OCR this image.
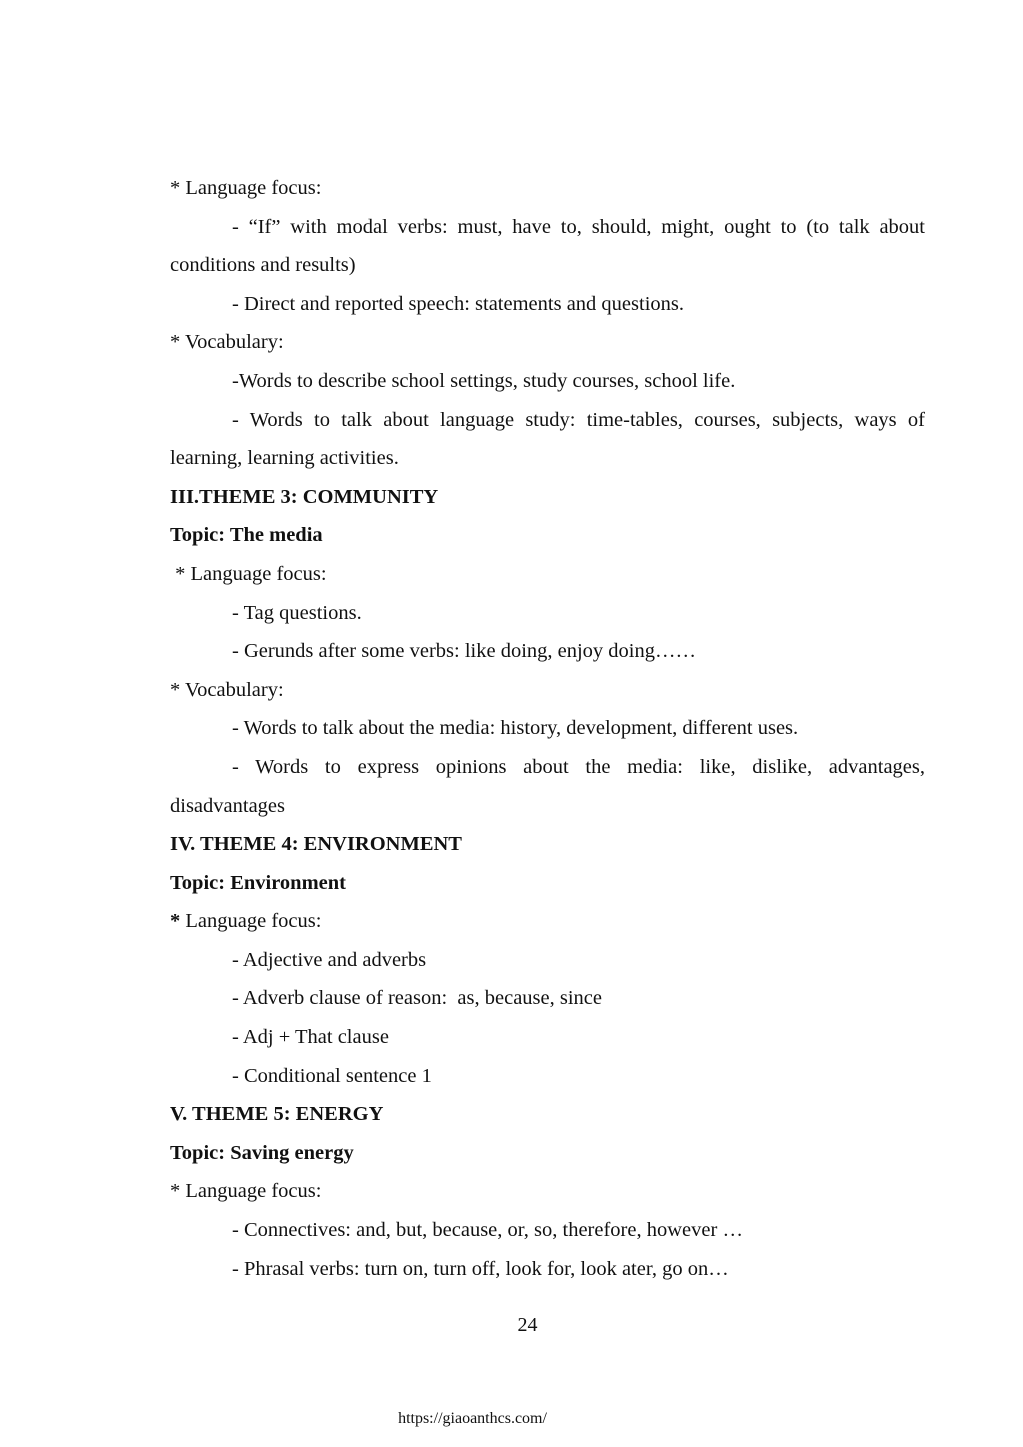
* Language focus:
- “If” with modal verbs: must, have to, should, might, ought to (to talk about
conditions and results)
- Direct and reported speech: statements and questions.
* Vocabulary:
-Words to describe school settings, study courses, school life.
- Words to talk about language study: time-tables, courses, subjects, ways of
learning, learning activities.
III.THEME 3: COMMUNITY
Topic: The media
* Language focus:
- Tag questions.
- Gerunds after some verbs: like doing, enjoy doing……
* Vocabulary:
- Words to talk about the media: history, development, different uses.
- Words to express opinions about the media: like, dislike, advantages,
disadvantages
IV. THEME 4: ENVIRONMENT
Topic: Environment
* Language focus:
- Adjective and adverbs
- Adverb clause of reason:  as, because, since
- Adj + That clause
- Conditional sentence 1
V. THEME 5: ENERGY
Topic: Saving energy
* Language focus:
- Connectives: and, but, because, or, so, therefore, however …
- Phrasal verbs: turn on, turn off, look for, look ater, go on…
24
https://giaoanthcs.com/
